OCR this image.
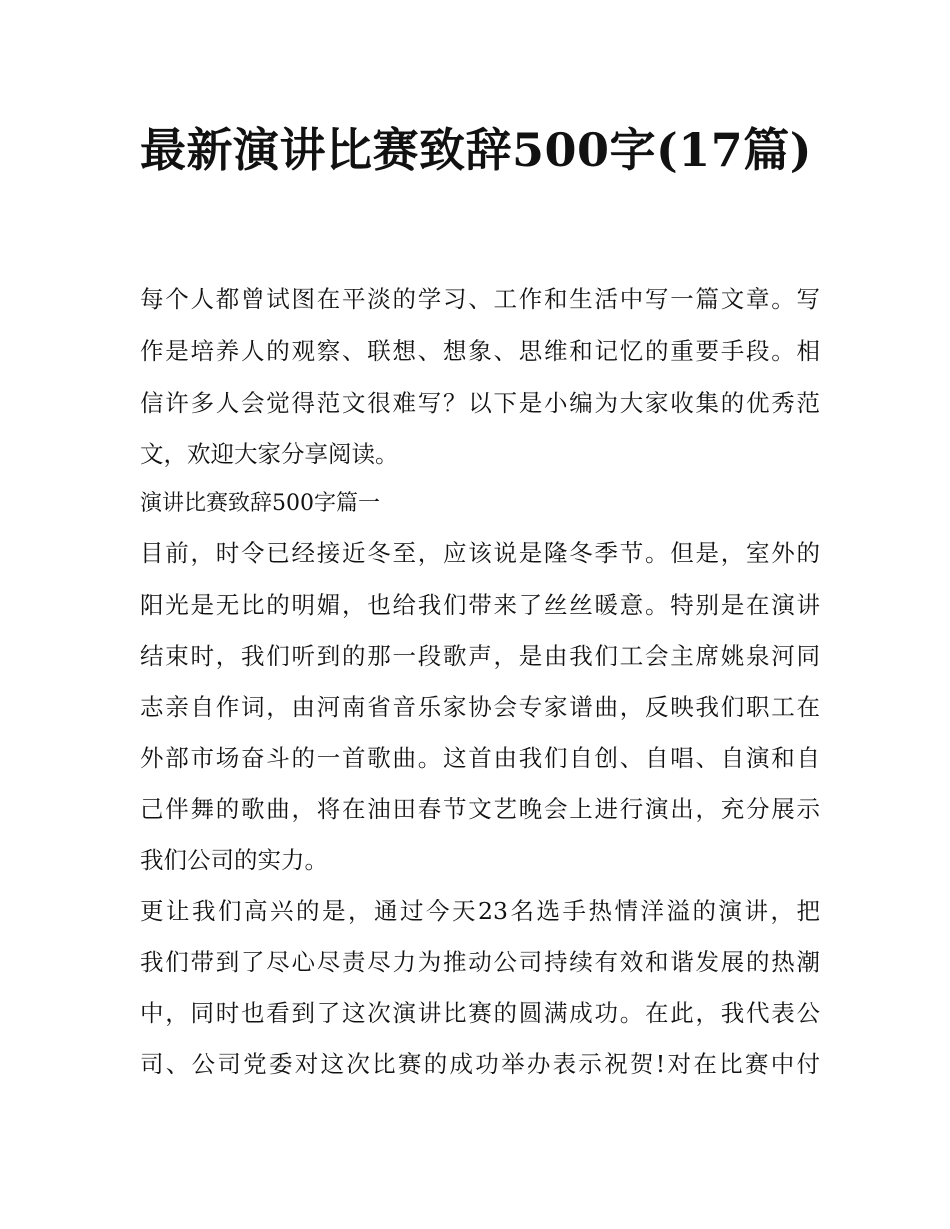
最新演讲比赛致辞500字(17篇)

每个人都曾试图在平淡的学习、工作和生活中写一篇文章。写

作是培养人的观察、联想、想象、思维和记忆的重要手段。相

信许多人会觉得范文很难写？以下是小编为大家收集的优秀范

文，欢迎大家分享阅读。

演讲比赛致辞500字篇一

目前，时令已经接近冬至，应该说是隆冬季节。但是，室外的

阳光是无比的明媚，也给我们带来了丝丝暖意。特别是在演讲

结束时，我们听到的那一段歌声，是由我们工会主席姚泉河同

志亲自作词，由河南省音乐家协会专家谱曲，反映我们职工在

外部市场奋斗的一首歌曲。这首由我们自创、自唱、自演和自

己伴舞的歌曲，将在油田春节文艺晚会上进行演出，充分展示

我们公司的实力。

更让我们高兴的是，通过今天23名选手热情洋溢的演讲，把

我们带到了尽心尽责尽力为推动公司持续有效和谐发展的热潮

中，同时也看到了这次演讲比赛的圆满成功。在此，我代表公

司、公司党委对这次比赛的成功举办表示祝贺!对在比赛中付
